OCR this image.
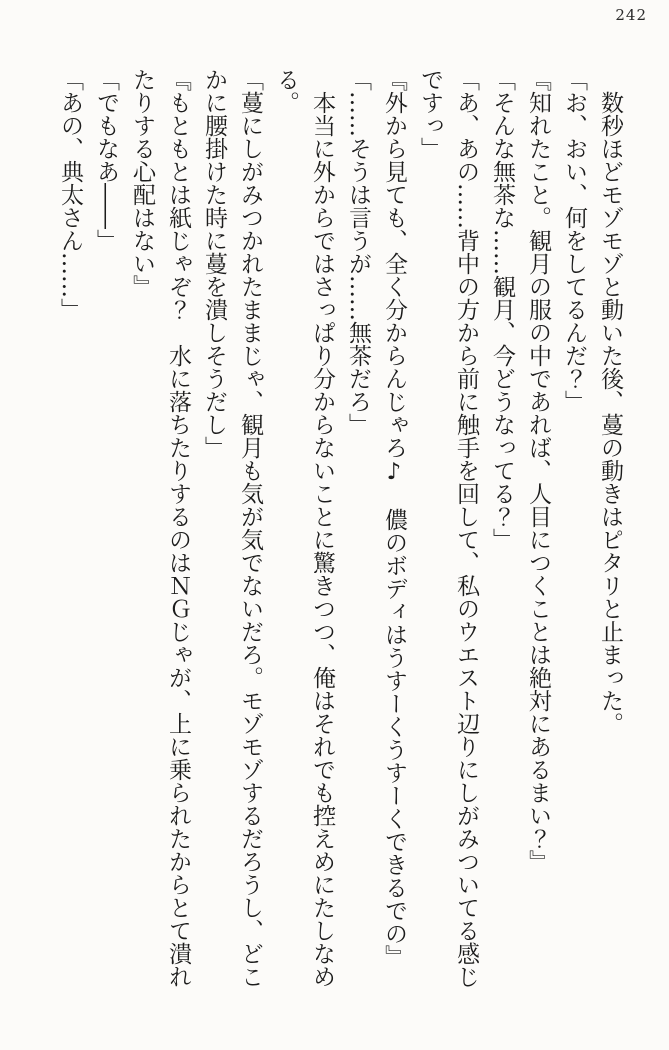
242

数秒ほどモゾモゾと動いた後、蔓の動きはピタリと止まった。

「お、おい、何をしてるんだ？」

『知れたこと。観月の服の中であれば、人目につくことは絶対にあるまい？』

「そんな無茶な……観月、今どうなってる？」

「あ、あの……背中の方から前に触手を回して、私のウエスト辺りにしがみついてる感じですっ」

『外から見ても、全く分からんじゃろ♪　儂のボディはうすーくうすーくできるでの』

「……そうは言うが……無茶だろ」

本当に外からではさっぱり分からないことに驚きつつ、俺はそれでも控えめにたしなめる。

「蔓にしがみつかれたままじゃ、観月も気が気でないだろ。モゾモゾするだろうし、どこかに腰掛けた時に蔓を潰しそうだし」

『もともとは紙じゃぞ？　水に落ちたりするのはＮＧじゃが、上に乗られたからとて潰れたりする心配はない』

「でもなあ――」

「あの、典太さん……」
